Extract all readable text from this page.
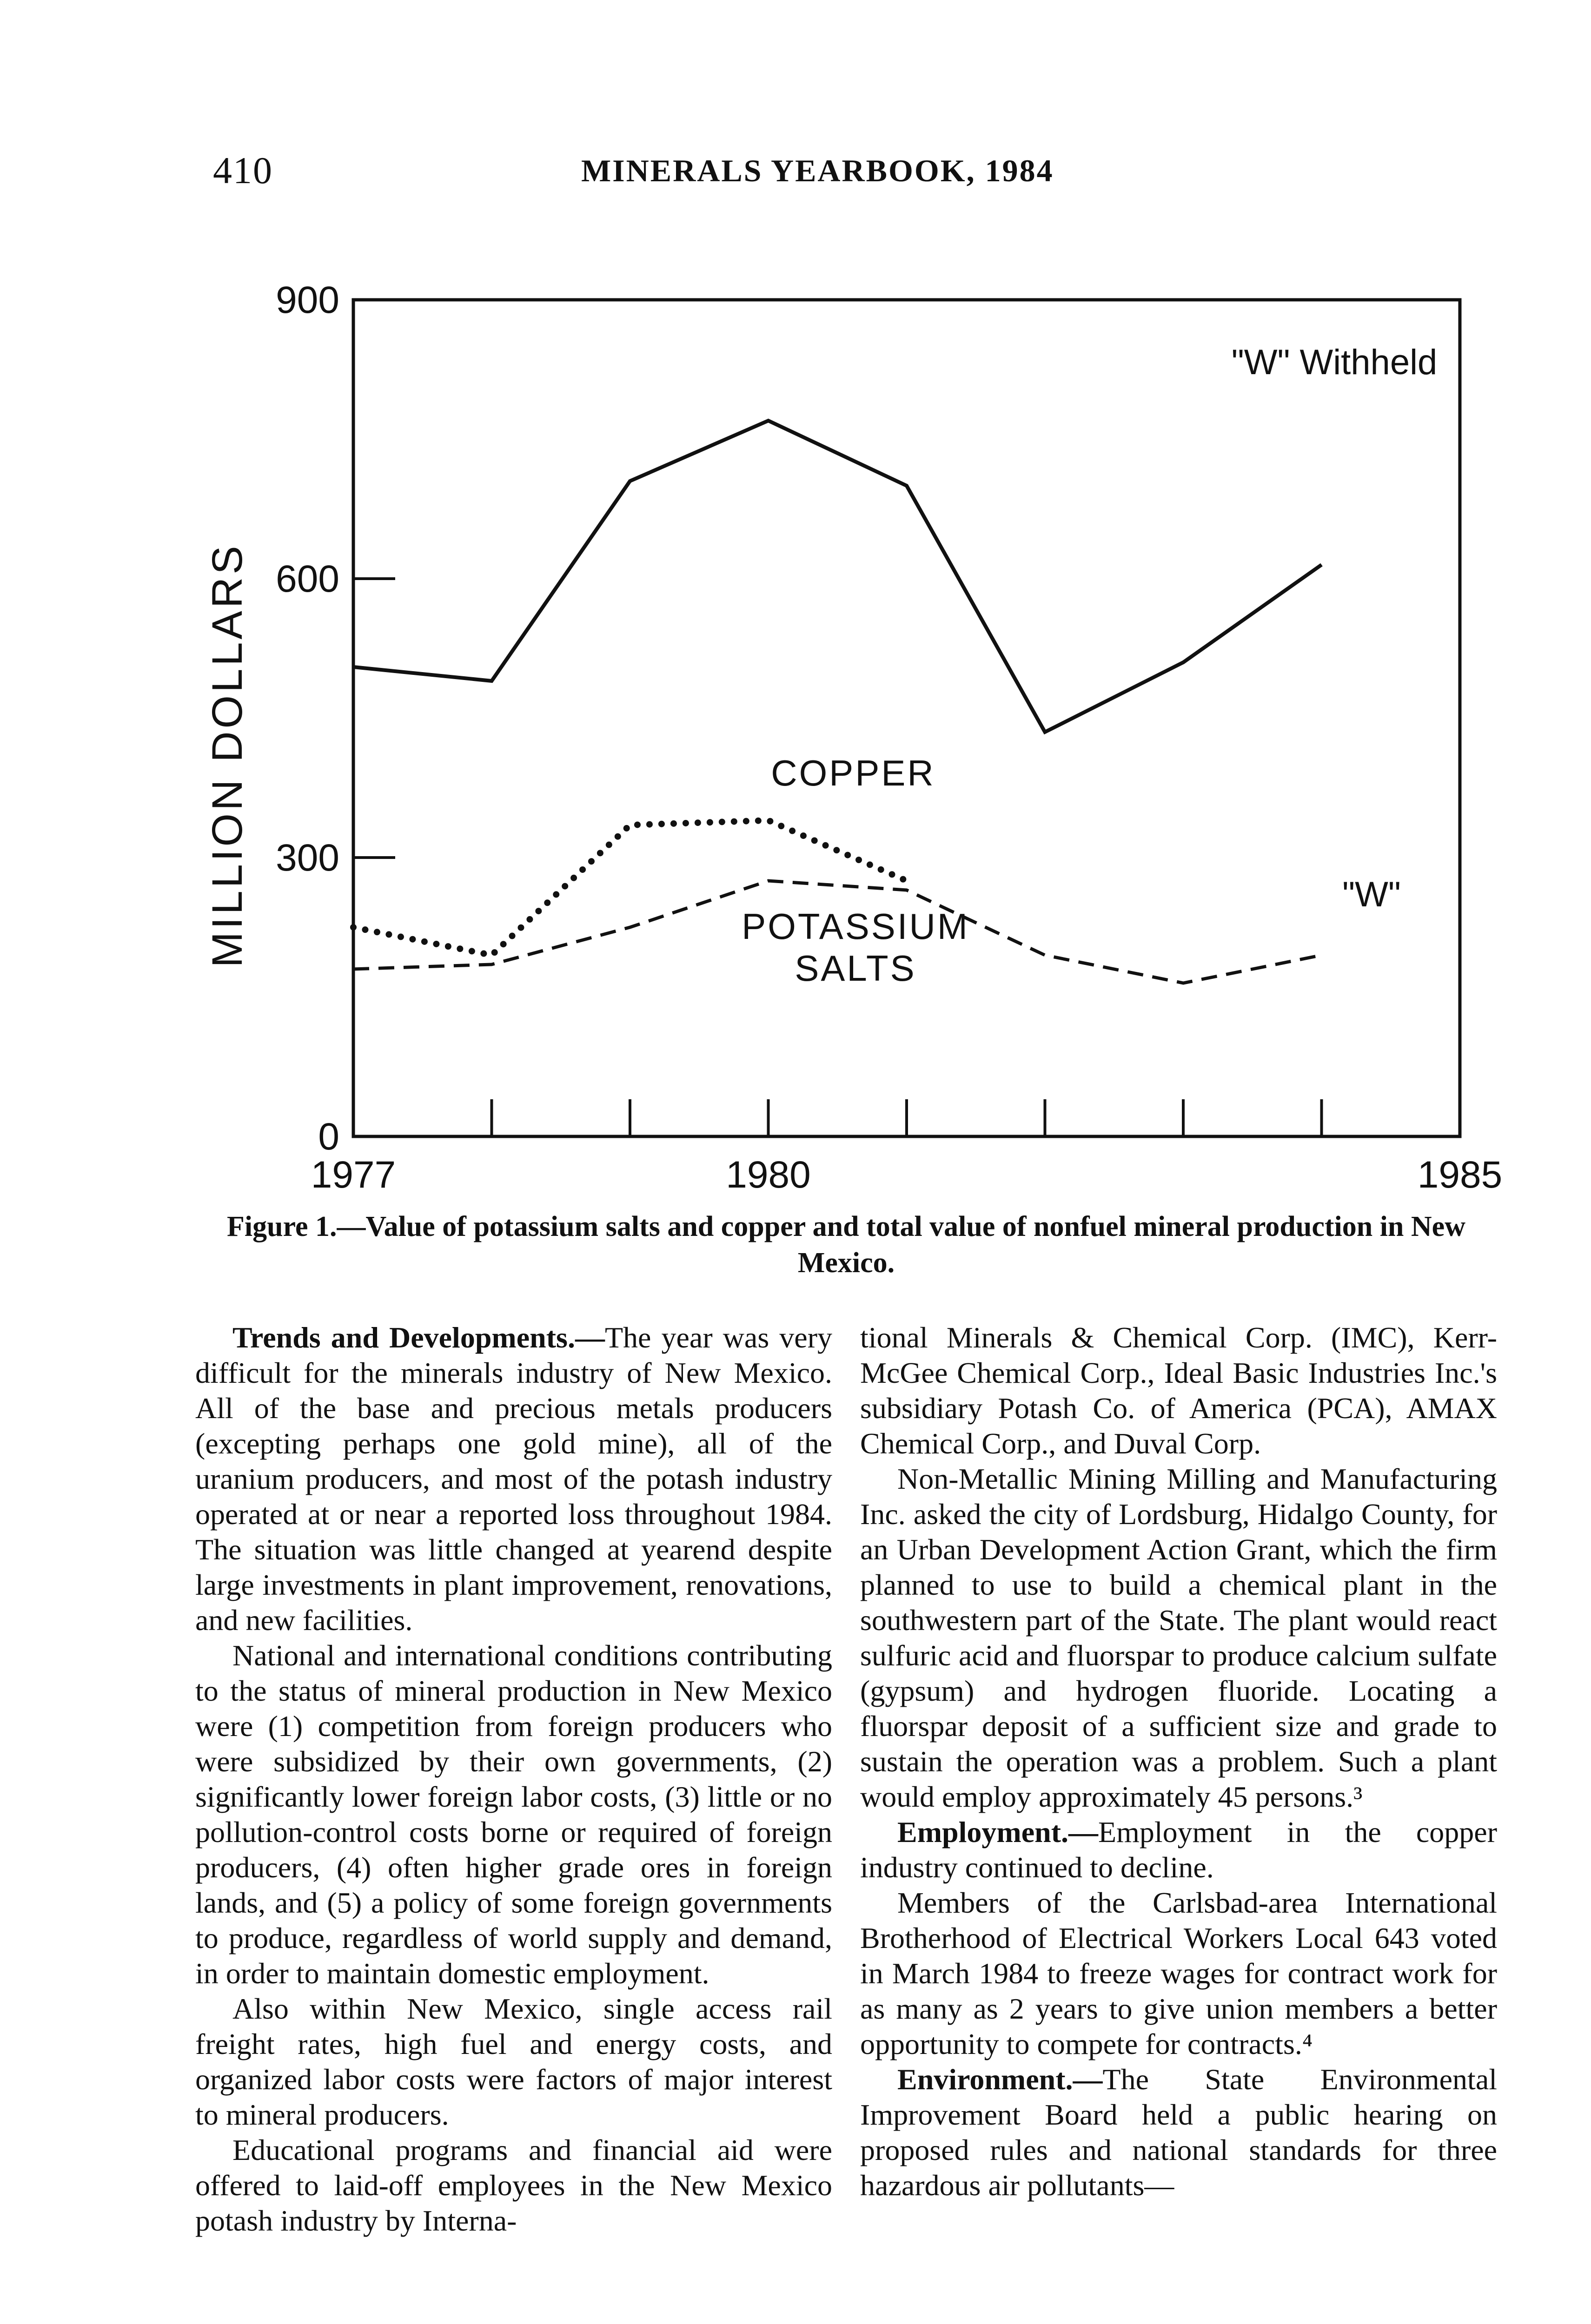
410	MINERALS YEARBOOK, 1984
0
300
600
900
1977	1980	1985
MILLION DOLLARS
"W" Withheld
COPPER
POTASSIUM
SALTS
"W"
Figure 1.—Value of potassium salts and copper and total value of nonfuel mineral production in New Mexico.

Trends and Developments.—The year was very difficult for the minerals industry of New Mexico. All of the base and precious metals producers (excepting perhaps one gold mine), all of the uranium producers, and most of the potash industry operated at or near a reported loss throughout 1984. The situation was little changed at yearend despite large investments in plant improvement, renovations, and new facilities.

National and international conditions contributing to the status of mineral production in New Mexico were (1) competition from foreign producers who were subsidized by their own governments, (2) significantly lower foreign labor costs, (3) little or no pollution-control costs borne or required of foreign producers, (4) often higher grade ores in foreign lands, and (5) a policy of some foreign governments to produce, regardless of world supply and demand, in order to maintain domestic employment.

Also within New Mexico, single access rail freight rates, high fuel and energy costs, and organized labor costs were factors of major interest to mineral producers.

Educational programs and financial aid were offered to laid-off employees in the New Mexico potash industry by Interna-

tional Minerals & Chemical Corp. (IMC), Kerr-McGee Chemical Corp., Ideal Basic Industries Inc.'s subsidiary Potash Co. of America (PCA), AMAX Chemical Corp., and Duval Corp.

Non-Metallic Mining Milling and Manufacturing Inc. asked the city of Lordsburg, Hidalgo County, for an Urban Development Action Grant, which the firm planned to use to build a chemical plant in the southwestern part of the State. The plant would react sulfuric acid and fluorspar to produce calcium sulfate (gypsum) and hydrogen fluoride. Locating a fluorspar deposit of a sufficient size and grade to sustain the operation was a problem. Such a plant would employ approximately 45 persons.³

Employment.—Employment in the copper industry continued to decline.

Members of the Carlsbad-area International Brotherhood of Electrical Workers Local 643 voted in March 1984 to freeze wages for contract work for as many as 2 years to give union members a better opportunity to compete for contracts.⁴

Environment.—The State Environmental Improvement Board held a public hearing on proposed rules and national standards for three hazardous air pollutants—
